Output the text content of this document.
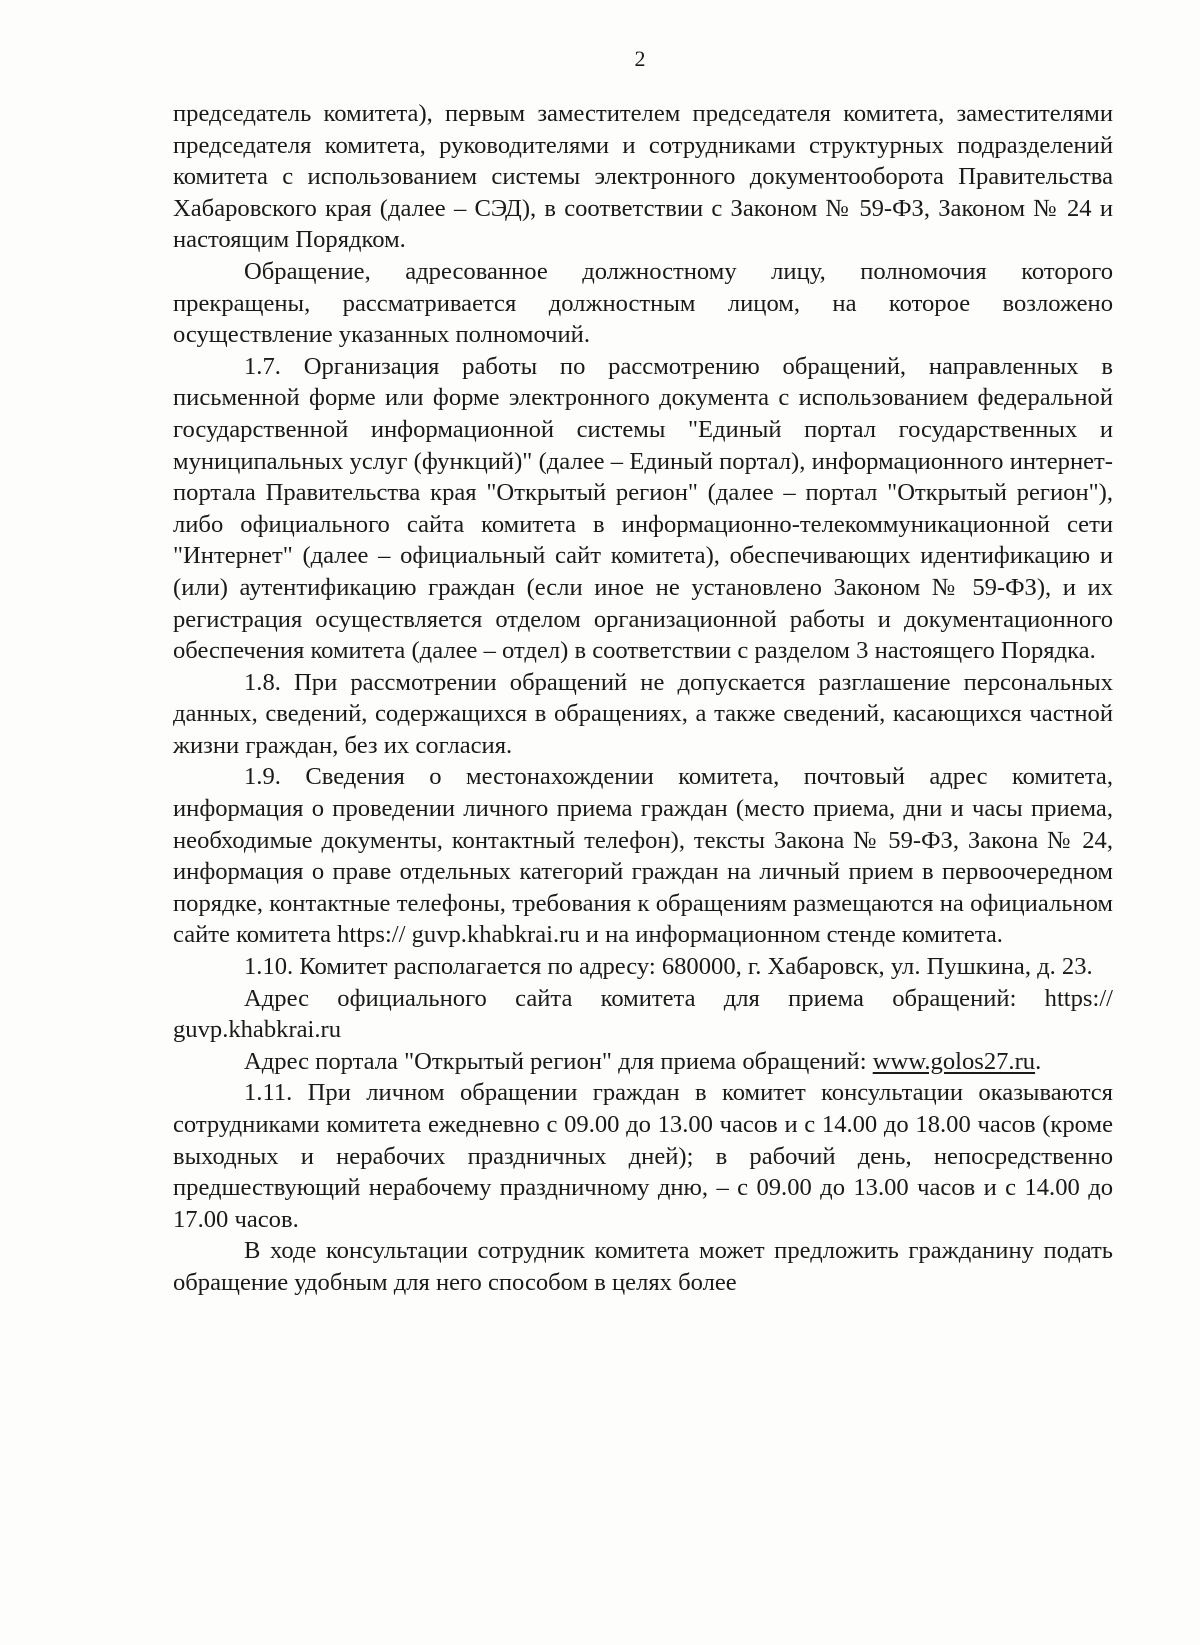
2

председатель комитета), первым заместителем председателя комитета, заместителями председателя комитета, руководителями и сотрудниками структурных подразделений комитета с использованием системы электронного документооборота Правительства Хабаровского края (далее – СЭД), в соответствии с Законом № 59-ФЗ, Законом № 24 и настоящим Порядком.

Обращение, адресованное должностному лицу, полномочия которого прекращены, рассматривается должностным лицом, на которое возложено осуществление указанных полномочий.

1.7. Организация работы по рассмотрению обращений, направленных в письменной форме или форме электронного документа с использованием федеральной государственной информационной системы "Единый портал государственных и муниципальных услуг (функций)" (далее – Единый портал), информационного интернет-портала Правительства края "Открытый регион" (далее – портал "Открытый регион"), либо официального сайта комитета в информационно-телекоммуникационной сети "Интернет" (далее – официальный сайт комитета), обеспечивающих идентификацию и (или) аутентификацию граждан (если иное не установлено Законом № 59-ФЗ), и их регистрация осуществляется отделом организационной работы и документационного обеспечения комитета (далее – отдел) в соответствии с разделом 3 настоящего Порядка.

1.8. При рассмотрении обращений не допускается разглашение персональных данных, сведений, содержащихся в обращениях, а также сведений, касающихся частной жизни граждан, без их согласия.

1.9. Сведения о местонахождении комитета, почтовый адрес комитета, информация о проведении личного приема граждан (место приема, дни и часы приема, необходимые документы, контактный телефон), тексты Закона № 59-ФЗ, Закона № 24, информация о праве отдельных категорий граждан на личный прием в первоочередном порядке, контактные телефоны, требования к обращениям размещаются на официальном сайте комитета https:// guvp.khabkrai.ru и на информационном стенде комитета.

1.10. Комитет располагается по адресу: 680000, г. Хабаровск, ул. Пушкина, д. 23.

Адрес официального сайта комитета для приема обращений: https:// guvp.khabkrai.ru

Адрес портала "Открытый регион" для приема обращений: www.golos27.ru.

1.11. При личном обращении граждан в комитет консультации оказываются сотрудниками комитета ежедневно с 09.00 до 13.00 часов и с 14.00 до 18.00 часов (кроме выходных и нерабочих праздничных дней); в рабочий день, непосредственно предшествующий нерабочему праздничному дню, – с 09.00 до 13.00 часов и с 14.00 до 17.00 часов.

В ходе консультации сотрудник комитета может предложить гражданину подать обращение удобным для него способом в целях более
